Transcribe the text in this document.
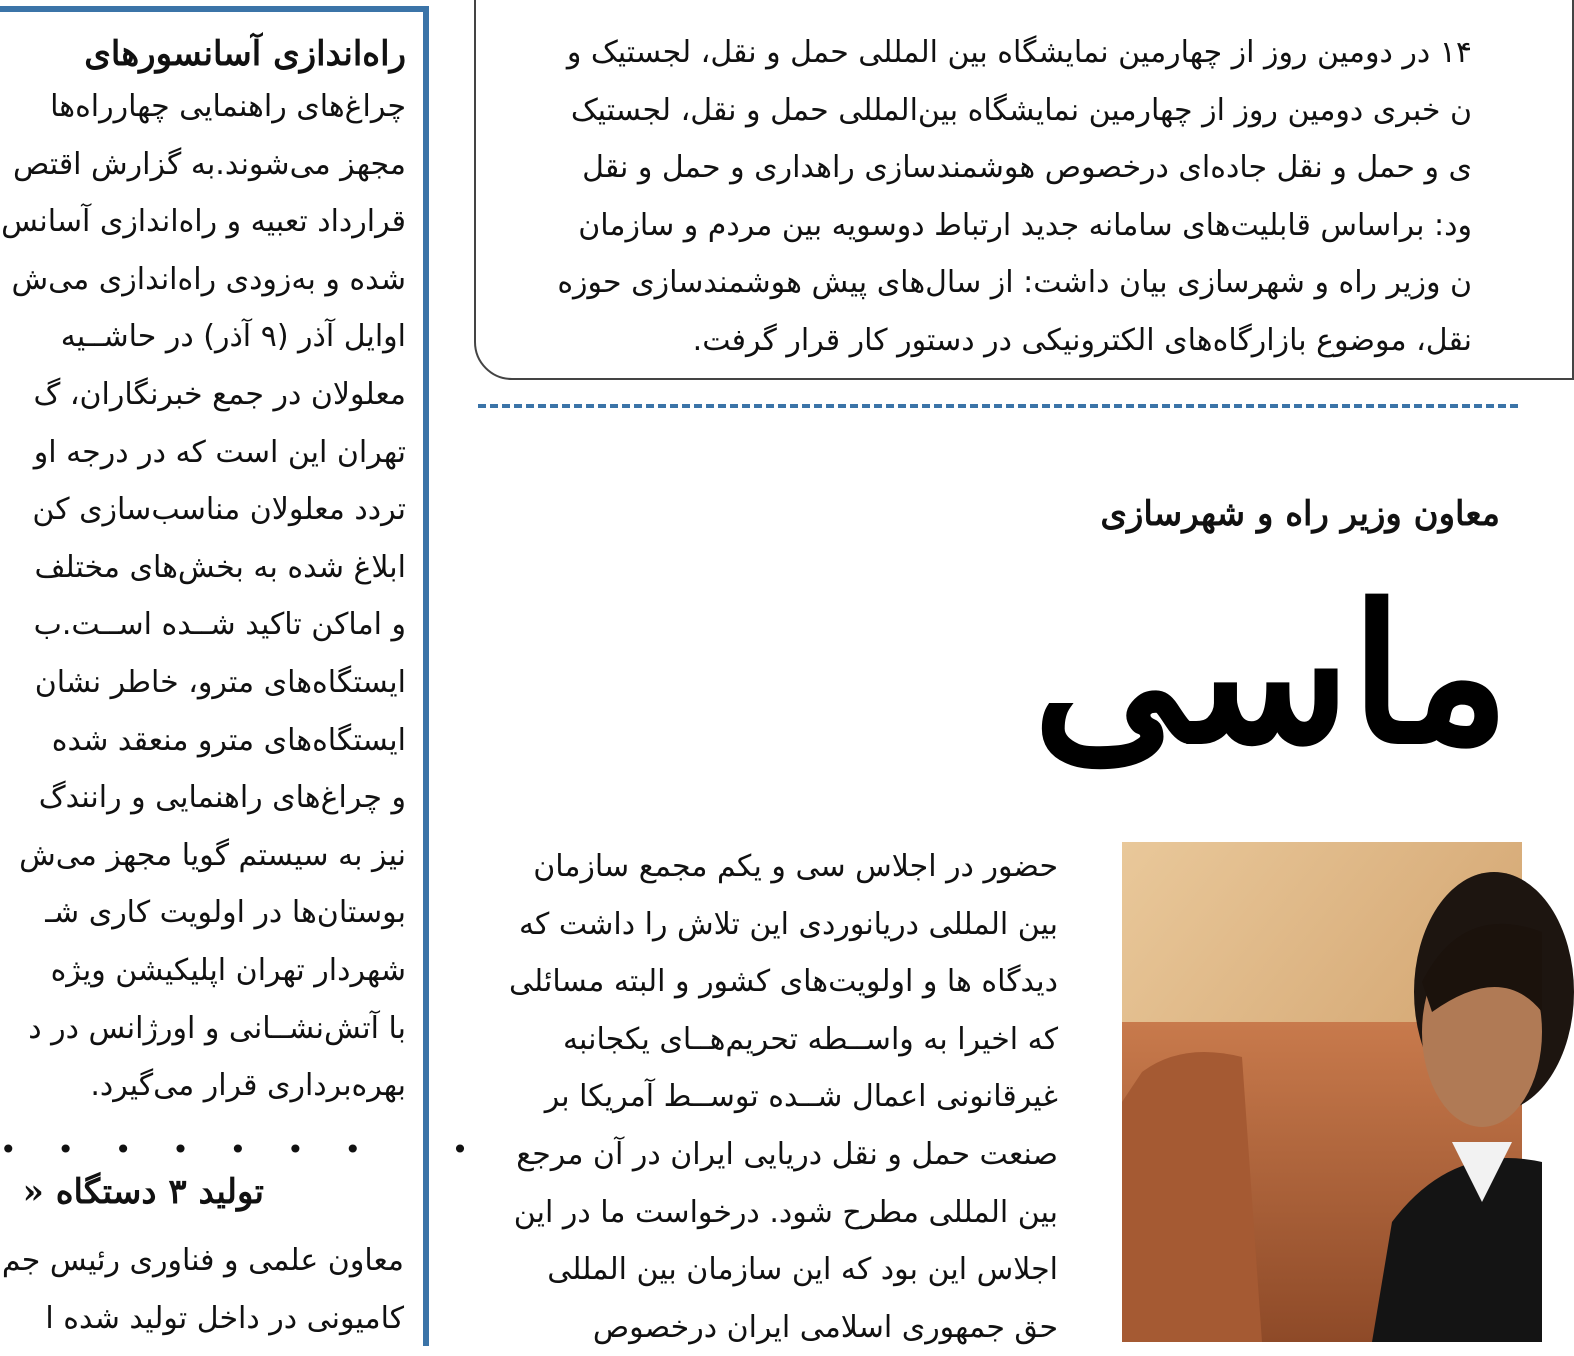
راه‌اندازی آسانسورهای

چراغ‌های راهنمایی چهارراه‌ها

مجهز می‌شوند.به گزارش اقتص

قرارداد تعبیه و راه‌اندازی آسانس

شده و به‌زودی راه‌اندازی می‌ش

اوایل آذر (۹ آذر) در حاشــیه

معلولان در جمع خبرنگاران، گ

تهران این است که در درجه او

تردد معلولان مناسب‌سازی کن

ابلاغ شده به بخش‌های مختلف

و اماکن تاکید شــده اســت.ب

ایستگاه‌های مترو، خاطر نشان

ایستگاه‌های مترو منعقد شده

و چراغ‌های راهنمایی و رانندگ

نیز به سیستم گویا مجهز می‌ش

بوستان‌ها در اولویت کاری شـ

شهردار تهران اپلیکیشن ویژه

با آتش‌نشــانی و اورژانس در د

بهره‌برداری قرار می‌گیرد.

• • • • • • •   •
تولید ۳ دستگاه «

معاون علمی و فناوری رئیس جم

کامیونی در داخل تولید شده ا

۱۴ در دومین روز از چهارمین نمایشگاه بین المللی حمل و نقل، لجستیک و

ن خبری دومین روز از چهارمین نمایشگاه بین‌المللی حمل و نقل، لجستیک

ی و حمل و نقل جاده‌ای درخصوص هوشمندسازی راهداری و حمل و نقل

ود: براساس قابلیت‌های سامانه جدید ارتباط دوسویه بین مردم و سازمان

ن وزیر راه و شهرسازی بیان داشت: از سال‌های پیش هوشمندسازی حوزه

نقل، موضوع بازارگاه‌های الکترونیکی در دستور کار قرار گرفت.

معاون وزیر راه و شهرسازی
ماسی

حضور در اجلاس سی و یکم مجمع سازمان

بین المللی دریانوردی این تلاش را داشت که

دیدگاه ها و اولویت‌های کشور و البته مسائلی

که اخیرا به واســطه تحریم‌هــای یکجانبه

غیرقانونی اعمال شــده توســط آمریکا بر

صنعت حمل و نقل دریایی ایران در آن مرجع

بین المللی مطرح شود. درخواست ما در این

اجلاس این بود که این سازمان بین المللی

حق جمهوری اسلامی ایران درخصوص
